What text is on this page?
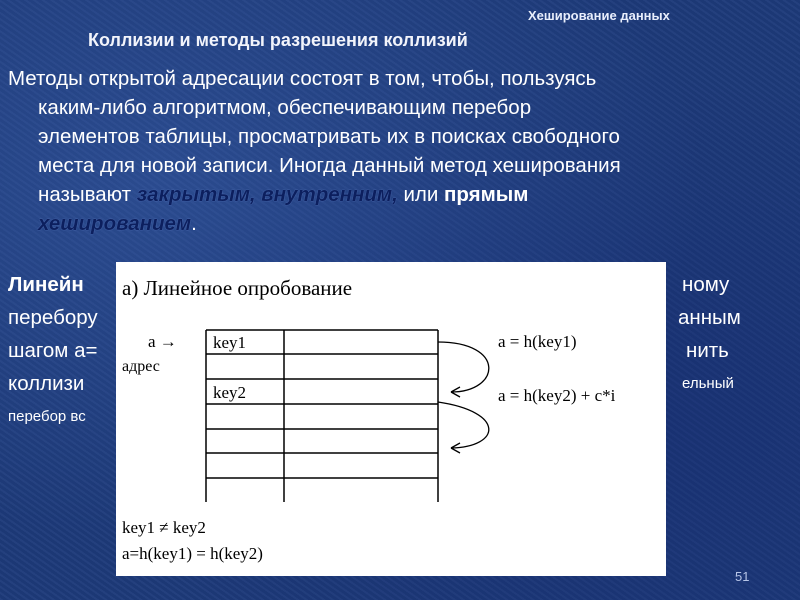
Хеширование данных
Коллизии и методы разрешения коллизий
Методы открытой адресации состоят в том, чтобы, пользуясь
каким-либо алгоритмом, обеспечивающим перебор
элементов таблицы, просматривать их в поисках свободного
места для новой записи. Иногда данный метод хеширования
называют закрытым, внутренним, или прямым
хешированием.
Линейн
перебору
шагом а=
коллизи
перебор вс
ному
анным
нить
ельный
а) Линейное опробование
a →
адрес
key1
key2
a = h(key1)
a = h(key2) + c*i
key1 ≠ key2
a=h(key1) = h(key2)
51
